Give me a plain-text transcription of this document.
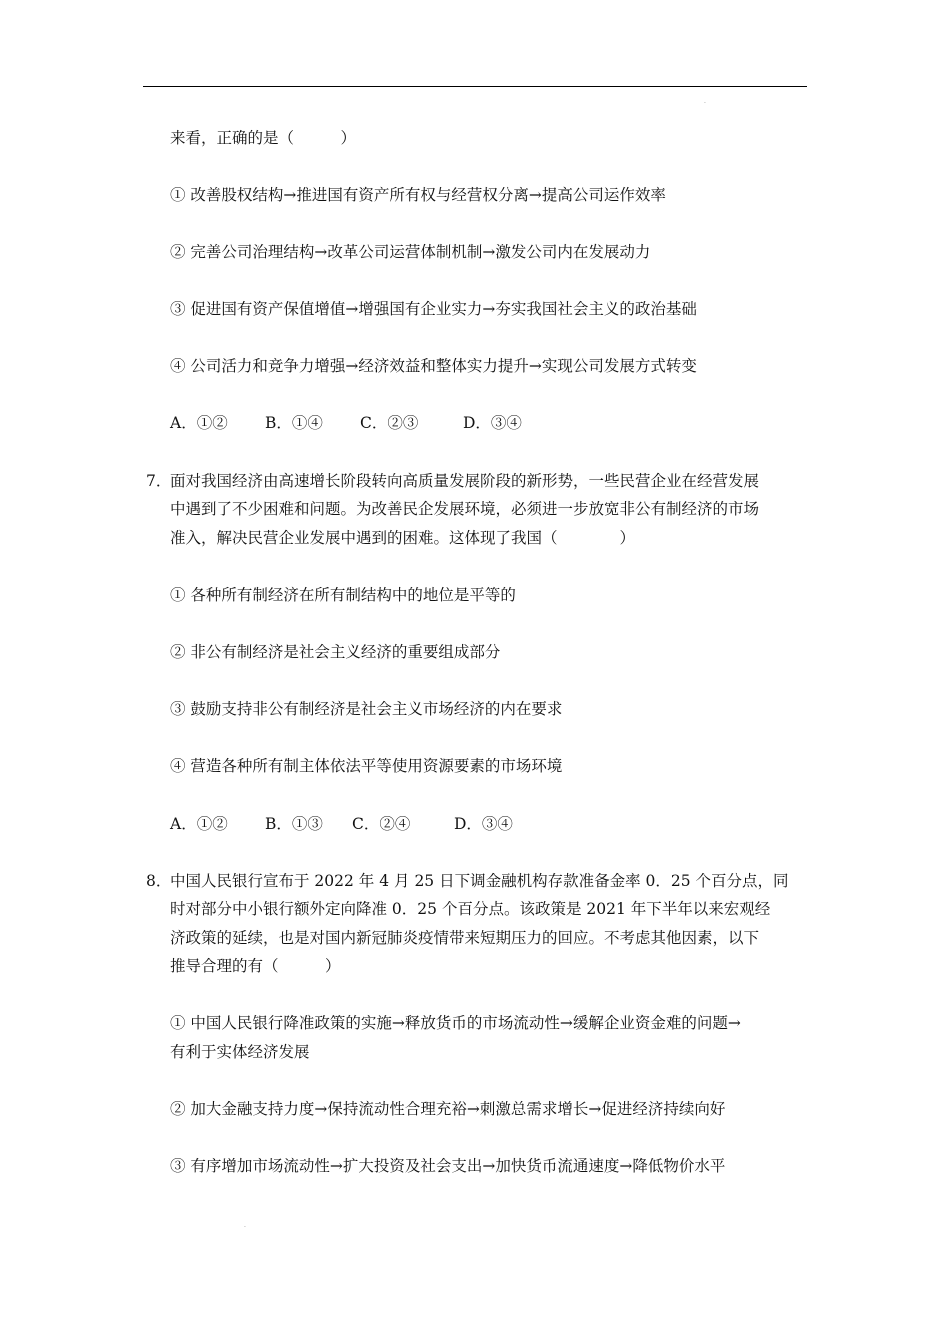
.
来看，正确的是（　　　）
① 改善股权结构→推进国有资产所有权与经营权分离→提高公司运作效率
② 完善公司治理结构→改革公司运营体制机制→激发公司内在发展动力
③ 促进国有资产保值增值→增强国有企业实力→夯实我国社会主义的政治基础
④ 公司活力和竞争力增强→经济效益和整体实力提升→实现公司发展方式转变
A．①② B．①④ C．②③	D．③④
7．
面对我国经济由高速增长阶段转向高质量发展阶段的新形势，一些民营企业在经营发展
中遇到了不少困难和问题。为改善民企发展环境，必须进一步放宽非公有制经济的市场
准入，解决民营企业发展中遇到的困难。这体现了我国（　　　　）
① 各种所有制经济在所有制结构中的地位是平等的
② 非公有制经济是社会主义经济的重要组成部分
③ 鼓励支持非公有制经济是社会主义市场经济的内在要求
④ 营造各种所有制主体依法平等使用资源要素的市场环境
A．①② B．①③ C．②④	D．③④
8．
中国人民银行宣布于 2022 年 4 月 25 日下调金融机构存款准备金率 0．25 个百分点，同
时对部分中小银行额外定向降准 0．25 个百分点。该政策是 2021 年下半年以来宏观经
济政策的延续，也是对国内新冠肺炎疫情带来短期压力的回应。不考虑其他因素，以下
推导合理的有（　　　）
① 中国人民银行降准政策的实施→释放货币的市场流动性→缓解企业资金难的问题→
有利于实体经济发展
② 加大金融支持力度→保持流动性合理充裕→刺激总需求增长→促进经济持续向好
③ 有序增加市场流动性→扩大投资及社会支出→加快货币流通速度→降低物价水平
.
